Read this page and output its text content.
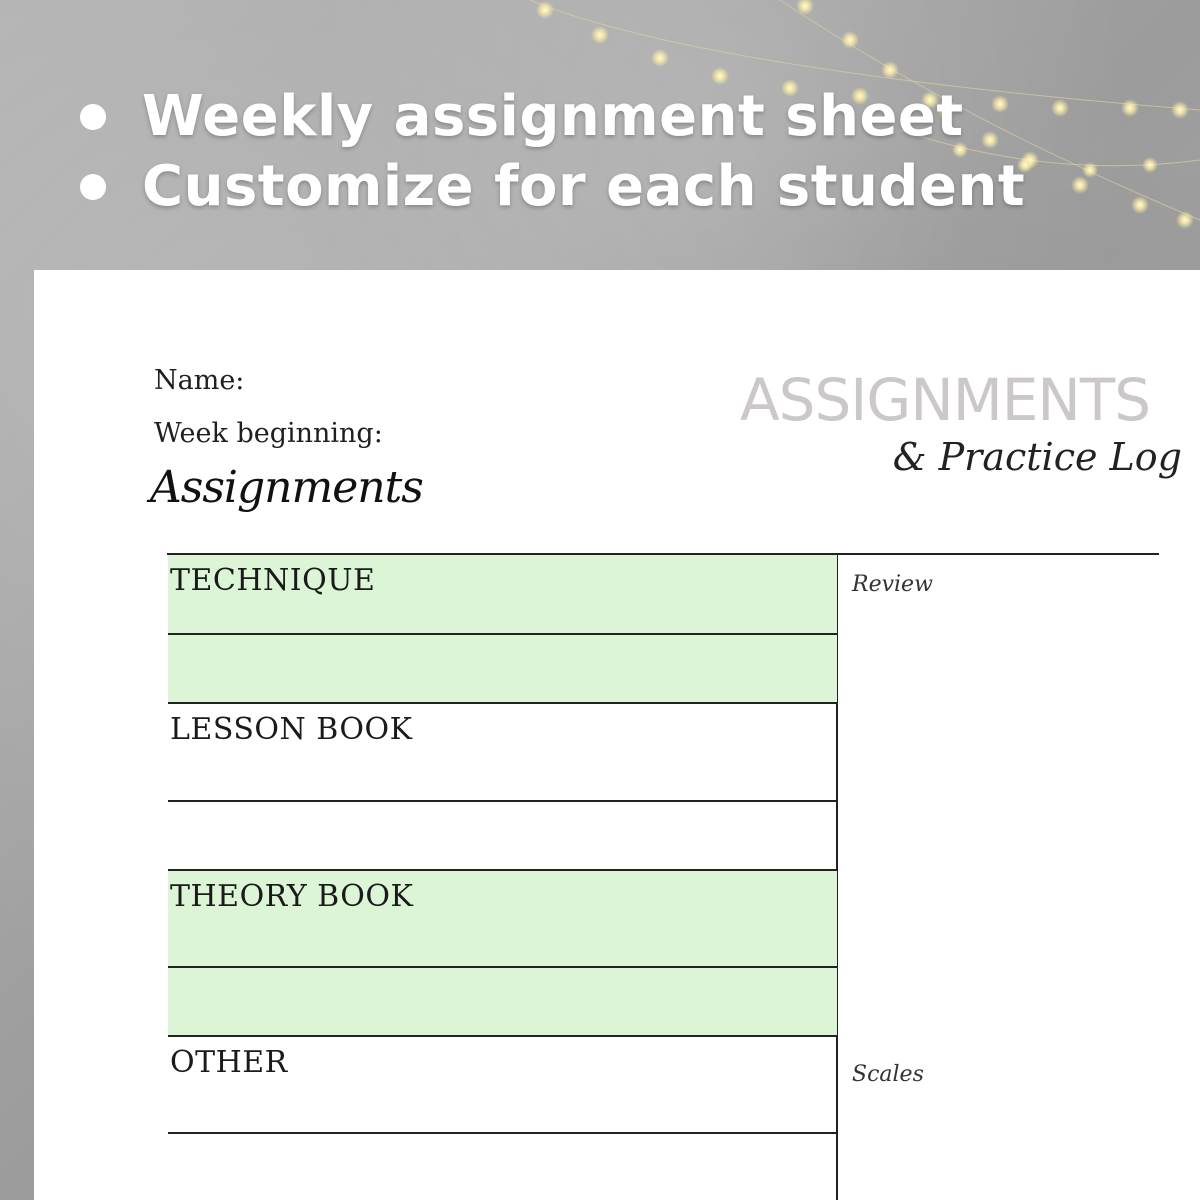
Weekly assignment sheet
Customize for each student
Name:
Week beginning:
Assignments
ASSIGNMENTS
& Practice Log
TECHNIQUE
LESSON BOOK
THEORY BOOK
OTHER
Review
Scales
